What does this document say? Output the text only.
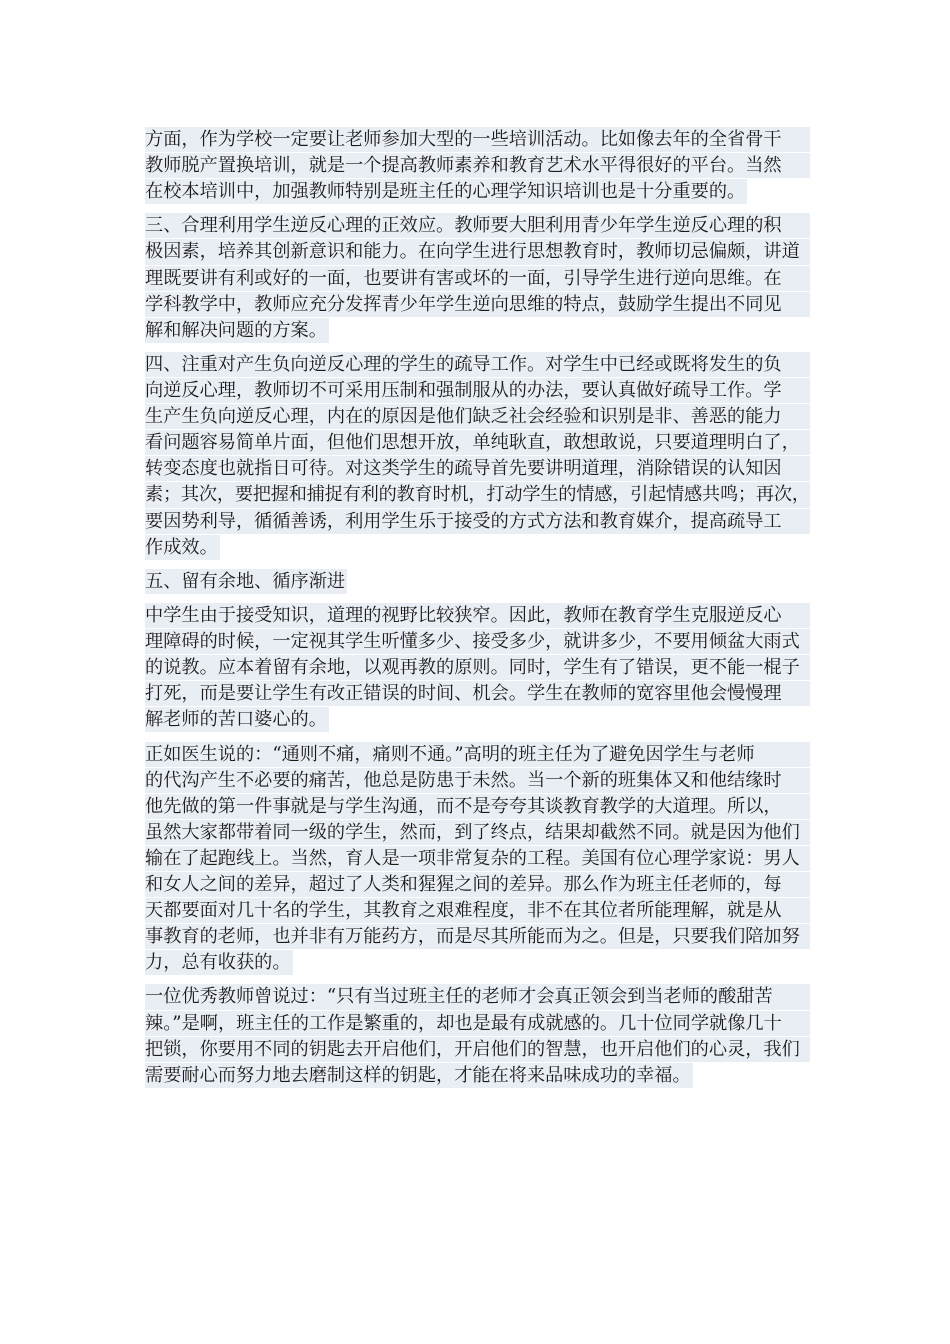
方面，作为学校一定要让老师参加大型的一些培训活动。比如像去年的全省骨干
教师脱产置换培训，就是一个提高教师素养和教育艺术水平得很好的平台。当然
在校本培训中，加强教师特别是班主任的心理学知识培训也是十分重要的。

三、合理利用学生逆反心理的正效应。教师要大胆利用青少年学生逆反心理的积
极因素，培养其创新意识和能力。在向学生进行思想教育时，教师切忌偏颇，讲道
理既要讲有利或好的一面，也要讲有害或坏的一面，引导学生进行逆向思维。在
学科教学中，教师应充分发挥青少年学生逆向思维的特点，鼓励学生提出不同见
解和解决问题的方案。

四、注重对产生负向逆反心理的学生的疏导工作。对学生中已经或既将发生的负
向逆反心理，教师切不可采用压制和强制服从的办法，要认真做好疏导工作。学
生产生负向逆反心理，内在的原因是他们缺乏社会经验和识别是非、善恶的能力
看问题容易简单片面，但他们思想开放，单纯耿直，敢想敢说，只要道理明白了，
转变态度也就指日可待。对这类学生的疏导首先要讲明道理，消除错误的认知因
素；其次，要把握和捕捉有利的教育时机，打动学生的情感，引起情感共鸣；再次，
要因势利导，循循善诱，利用学生乐于接受的方式方法和教育媒介，提高疏导工
作成效。

五、留有余地、循序渐进

中学生由于接受知识，道理的视野比较狭窄。因此，教师在教育学生克服逆反心
理障碍的时候，一定视其学生听懂多少、接受多少，就讲多少，不要用倾盆大雨式
的说教。应本着留有余地，以观再教的原则。同时，学生有了错误，更不能一棍子
打死，而是要让学生有改正错误的时间、机会。学生在教师的宽容里他会慢慢理
解老师的苦口婆心的。

正如医生说的：“通则不痛，痛则不通。”高明的班主任为了避免因学生与老师
的代沟产生不必要的痛苦，他总是防患于未然。当一个新的班集体又和他结缘时
他先做的第一件事就是与学生沟通，而不是夸夸其谈教育教学的大道理。所以，
虽然大家都带着同一级的学生，然而，到了终点，结果却截然不同。就是因为他们
输在了起跑线上。当然，育人是一项非常复杂的工程。美国有位心理学家说：男人
和女人之间的差异，超过了人类和猩猩之间的差异。那么作为班主任老师的，每
天都要面对几十名的学生，其教育之艰难程度，非不在其位者所能理解，就是从
事教育的老师，也并非有万能药方，而是尽其所能而为之。但是，只要我们陪加努
力，总有收获的。

一位优秀教师曾说过：“只有当过班主任的老师才会真正领会到当老师的酸甜苦
辣。”是啊，班主任的工作是繁重的，却也是最有成就感的。几十位同学就像几十
把锁，你要用不同的钥匙去开启他们，开启他们的智慧，也开启他们的心灵，我们
需要耐心而努力地去磨制这样的钥匙，才能在将来品味成功的幸福。
